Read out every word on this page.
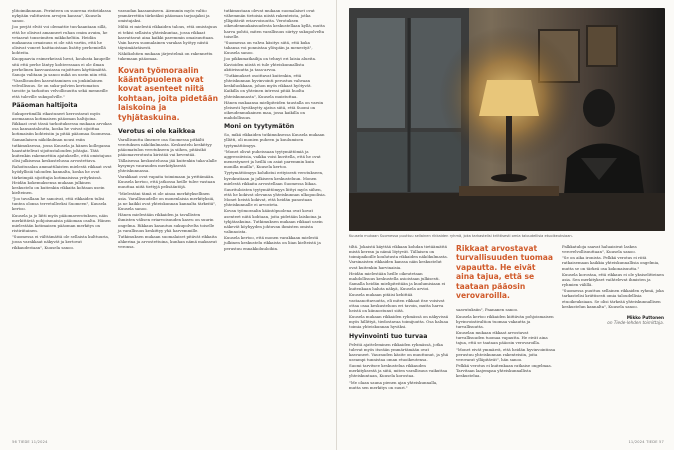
ylitoimikunnan. Perinteen on suurena ristiriidassa nykyään valittavien arvojen kanssa", Kuusela sanoo.

Joo perjät elvät voi olemattie tun-kaantaan sillä, että he olisivat amanneet ruhan cmim avuim, he vetaavat tonseimiten mikkoheltiin. Heidän mukaansa ornaisuus ei ole sitä vartin, että he olisivat voneet haittaoistaan lisätty perhemiellä kohteita.

Kuoppaavia esimerkeissä luvut, koulusta kaupelle sitä että perhe läntyy kohteessaan ei ole ilman perhelinen kasvuasiassa rajoittuen käyttämättä. Sanoja valitaan ja sanoo mikä on usein niin että.

"Varallisuuden kasvattaminen on jonkinlainen velvollisuus. Se on suku-polvien kertomaton tavoite ja tarkoitus velvollisuutta sekä menneille että tuleville sukupolville."

Pääoman haltijoita

Sukupertimillä rikastuneet kerrostavat myös asemaansa kotimaisen pääoman haltijoina. Rikkaat ovat tässä tarkoituksessa mukaan arvokas osa kansantaloutta, koska he voivat sijoittaa kotimaisiin kohteisiin ja pitää pääomaa Suomessa.

Samanlaisen näkökulman nousi esiin tutkimuksessa, jossa Kuusela ja hänen kollegansa haastattelivat sijoitustalouden johtajia. Tätä kuitenkin rakennettiin ajatukselle, että omistajuus olisi julkisessa keskustelussa arvostettava.

Rahoitusalan ammattilaisten mielestä rikkaat ovat hyödyllisiä talouden kannalta, koska he ovat tärkeimpiä sijoittajia kotimaisissa yrityksissä. Heidän kokemuksensa mukaan julkinen keskustelu on kuitenkin rikkaita kohtaan usein kielteinen.

"Joo tavallaan he sanoivat, että rikkaiden tulisi tuntea olonsa tervetulleeksi Suomeen", Kuusela kertoo.

Kuusela ja jo liitti myös pääomaverotuksen, näin merkittäviä pohjoismaisia pääoman osalta. Hänen mielestään kotimaisen pääoman merkitys on ristiriitainen.

"Suomessa ei välttämättä ole sellaista kulttuuria, jossa varakkaat näkyvät ja kertovat rikkaudestaan", Kuusela sanoo.

varaudan kaasamiseen. Aiemmin myös valtio ymmärrettiin tärkeäksi pääoman tarjoajaksi ja omistajaksi.

Miltä ei mielestä rikkaiden talous, että omistajuus ei tekisi sellaista yhteiskuntaa, jossa rikkaat kasvattavat aina kaikki paremmin omaisuuttaan. Vain harva suomalainen varakas hyötyy niistä täysimääräisesti.

Näkökohtien mukaan järjestelmä on rakennettu tukemaan pääomaa.

Kovan työmoraalin kääntöpuolena ovat kovat asenteet niitä kohtaan, joita pidetään laiskoina ja tyhjätaskuina.
Verotus ei ole kaikkea

Varallisuutta ilmenee osa Suomessa pitkälti verotuksen näkökulmasta. Keskustelu keskittyy pääomatulon verotukseen ja siihen, pitäisikö pääomaverotusta kiristää vai keventää. Tällaisessa keskustelussa jää kuitenkin taka-alalle kysymys vaurauden merkityksestä yhteiskunnassa.

Varakkaat ovat vapaita toimimaan ja yrittämään. Kuusela kertoo, että jatkossa heille tulee vastaan muuttaa niitä tiettyjä pelisääntöjä.

"Mielestäni tämä ei ole ainoa merkityksellinen asia. Varallisuudelle on monenlaisia merkityksiä, ja ne kaikki ovat yhteiskunnan kannalta tärkeitä", Kuusela sanoo.

Hänen mielestään rikkaiden ja tavallisten ihmisten välisen eriarvoisuuden kasvu on suurin ongelma. Rikkaus kasautuu sukupolvelta toiselle ja varallisuus keskittyy yhä harvemmille.

Tutkimuksen mukaan suomalaiset pitävät rikkaita ahkerina ja arvostettuina, kunhan nämä maksavat veronsa.

tutkimustaan olevat mukaan suomalaiset ovat vähemmän tietoisia niistä rakenteista, jotka ylläpitävät eriarvoisuutta. Verotuksen oikeudenmukaisuudesta keskustellaan kyllä, mutta harva pohtii, miten varallisuus siirtyy sukupolvelta toiselle.

"Suomessa on vahva käsitys siitä, että kuka tahansa voi ponnistaa ylöspäin ja menestyä", Kuusela sanoo.

Joo pikkumatkailija on tehnyt eri laisia alueita. Kavioiden niistä ei tule yhteiskunnallista aktiivisuutta ja tasa-arvoa.

"Tutkimukset osoittavat kuitenkin, että yhteiskunnan hyvinvointi perustuu vahvaan keskiluokkaan, johon myös rikkaat hyötyvät. Kaikilla on yhteinen intressi pitää huolta yhteiskunnasta", Kuusela muistuttaa.

Hänen mukaansa mielipiteiden taustalla on varsin yleisesti hyväksytty ajatus siitä, että Suomi on oikeudenmukainen maa, jossa kaikilla on mahdollisuus.

Moni on tyytymätön

So, mikä rikkaiden tutkimuksessa Kuusela mukaan yllätti, oli monien puheen ja kuulumisen tyytymättömyys.

"Monet olivat puheissaan tyytymättömiä ja aggressiivisia, vaikka voisi kuvitella, että he ovat menestyneet ja heillä on asiat paremmin kuin monilla muilla", Kuusela kertoo.

Tyytymättömyys kohdistui erityisesti verotukseen, byrokratiaan ja julkiseen keskusteluun. Monen mielestä rikkaita arvostellaan Suomessa liikaa.

Suurituloisten tyytymättömyys liittyi myös siihen, että he kokivat olevansa yhteiskunnan ulkopuolisia. Monet heistä kokivat, että heidän panostaan yhteiskunnalle ei arvosteta.

Kovan työmoraalin kääntöpuolena ovat kovat asenteet niitä kohtaan, joita pidetään laiskoina ja tyhjätaskuina. Tutkimuksen mukaan rikkaat usein näkevät köyhyyden johtuvan ihmisten omista valinnoista.

Kuusela kertoo, että monen varakkaan mielestä julkinen keskustelu rikkaista on liian kielteistä ja perustuu ennakkoluuloihin.

Kuusela mukaan Suomessa puuttuu sellainen rikkaiden ryhmä, joka tarkastelisi kriittisesti omia taloudellisia etuoikeuksiaan.

tiltä. Jokaistä käyttää rikkaan kohdan tietäämättä mistä kerran ja nämä löytyvät. Tällaisen on toimipaikoille koulutusta rikkaiden näkökulmasta. Varsinaisten rikkaiden kanssa näin keskustelut ovat kuitenkin harvinaisia.

Heidän mielestään heille oikeutetaan mahdollisuus keskustella asioistaan julkisesti. Samalla heidän mielipiteitään ja kuulumisiaan ei kuitenkaan haluta näkyä, Kuusela arvioi.

Kuusela mukaan pitäisi kehittää vastaanottavuutta, eli miten rikkaat itse voisivat ottaa osaa keskusteluun eri tavoin, mutta harva heistä on kiinnostunut siitä.

Kuusela mukaan rikkaiden ryhmässä on näkyvissä myös hillittyä, tiedostavaa toimijuutta. Osa haluaa toimia yhteiskunnan hyväksi.

Hyvinvointi tuo turvaa

Pelvitä ajatteleminen rikkaiden ryhmässä, jotka tulevat myös itseään ymmärtämään ovat kasvaneet. Vaurauden käsite on muuttunut, ja yhä useampi tunnistaa oman etuoikeutensa.

Suomi tarvitsee keskustelua rikkauden merkityksestä ja siitä, miten varallisuus vaikuttaa yhteiskuntaan, Kuusela korostaa.

"Me olaan sauna pienen ajan yhteiskunnalla, mutta sen merkitys on suuri."

Rikkaat arvostavat turvallisuuden tuomaa vapautta. He eivät aina tajua, että se taataan pääosin verovaroilla.

saavutuksiin", Paananen sanoo.

Kuusela kertoo rikkaiden kiittävän pohjoismaisen hyvinvointivaltion tuomaa vakautta ja turvallisuutta.

Kuuselan mukaan rikkaat arvostavat turvallisuuden tuomaa vapautta. He eivät aina tajua, että se taataan pääosin verovaroilla.

"Monet eivät ymmärrä, että heidän hyvinvointinsa perustuu yhteiskunnan rakenteisiin, joita verovarat ylläpitävät", hän sanoo.

Pelkkä verotus ei kuitenkaan ratkaise ongelmaa. Tarvitaan laajempaa yhteiskunnallista keskustelua.

Palkkatuloja saavat haluaisivat laskea verovelvollisuuttaan", Kuusela sanoo.

"Se on aika ironista. Pelkkä verotus ei riitä ratkaisemaan kaikkia yhteiskunnallisia ongelmia, mutta se on tärkeä osa kokonaisuutta."

Kuusela korostaa, että rikkaus ei ole yksiselitteinen asia. Sen merkitykset vaihtelevat ihmisten ja ryhmien välillä.

"Suomessa puuttuu sellainen rikkaiden ryhmä, joka tarkastelisi kriittisesti omia taloudellisia etuoikeuksiaan. Se olisi tärkeää yhteiskunnallisen keskustelun kannalta", Kuusela sanoo.

Mikko Puttonen
on Tiede-lehden toimittaja.
56 TIEDE 11/2024	11/2024 TIEDE 57
